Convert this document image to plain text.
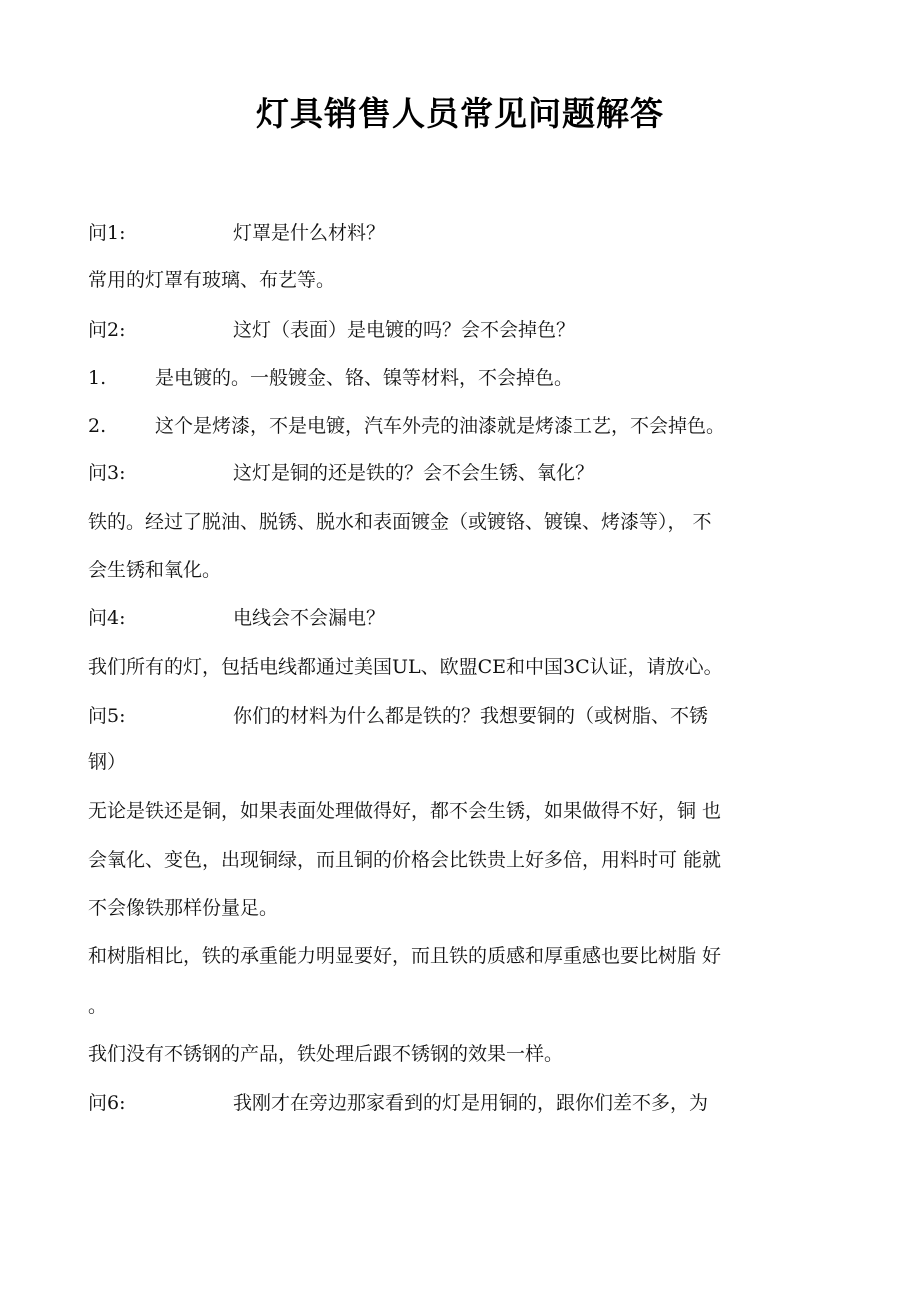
灯具销售人员常见问题解答
问1:	灯罩是什么材料？
常用的灯罩有玻璃、布艺等。
问2:	这灯（表面）是电镀的吗？会不会掉色？
1.	是电镀的。一般镀金、铬、镍等材料，不会掉色。
2.	这个是烤漆，不是电镀，汽车外壳的油漆就是烤漆工艺，不会掉色。
问3:	这灯是铜的还是铁的？会不会生锈、氧化？
铁的。经过了脱油、脱锈、脱水和表面镀金（或镀铬、镀镍、烤漆等）， 不
会生锈和氧化。
问4:	电线会不会漏电？
我们所有的灯，包括电线都通过美国UL、欧盟CE和中国3C认证，请放心。
问5:	你们的材料为什么都是铁的？我想要铜的（或树脂、不锈
钢）
无论是铁还是铜，如果表面处理做得好，都不会生锈，如果做得不好，铜 也
会氧化、变色，出现铜绿，而且铜的价格会比铁贵上好多倍，用料时可 能就
不会像铁那样份量足。
和树脂相比，铁的承重能力明显要好，而且铁的质感和厚重感也要比树脂 好
。
我们没有不锈钢的产品，铁处理后跟不锈钢的效果一样。
问6:	我刚才在旁边那家看到的灯是用铜的，跟你们差不多，为
